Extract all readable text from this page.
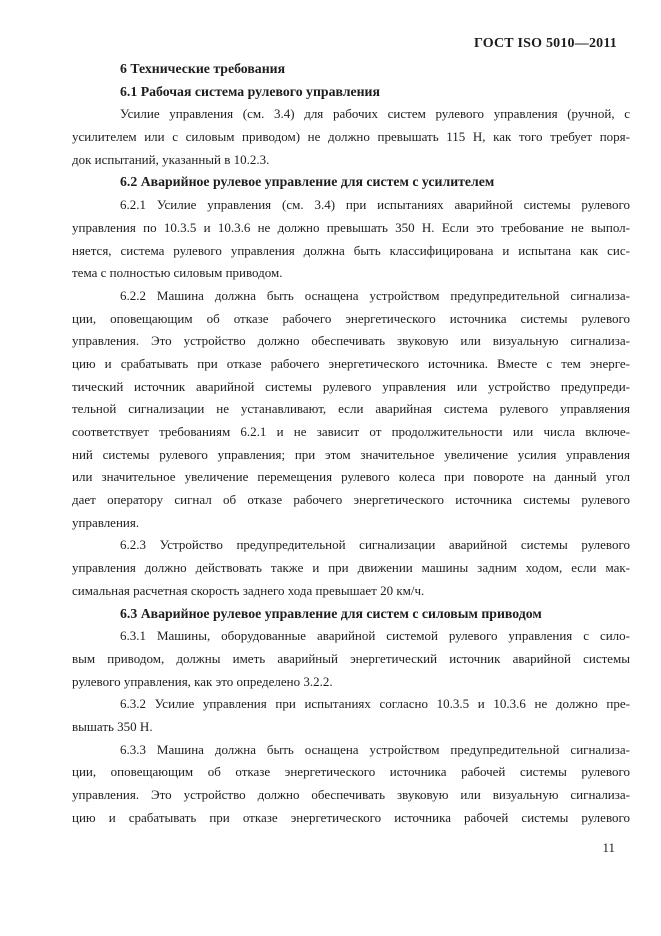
ГОСТ ISO 5010—2011
6 Технические требования
6.1 Рабочая система рулевого управления
Усилие управления (см. 3.4) для рабочих систем рулевого управления (ручной, с
усилителем или с силовым приводом) не должно превышать 115 Н, как того требует поря-
док испытаний, указанный в 10.2.3.
6.2 Аварийное рулевое управление для систем с усилителем
6.2.1 Усилие управления (см. 3.4) при испытаниях аварийной системы рулевого
управления по 10.3.5 и 10.3.6 не должно превышать 350 Н. Если это требование не выпол-
няется, система рулевого управления должна быть классифицирована и испытана как сис-
тема с полностью силовым приводом.
6.2.2 Машина должна быть оснащена устройством предупредительной сигнализа-
ции, оповещающим об отказе рабочего энергетического источника системы рулевого
управления. Это устройство должно обеспечивать звуковую или визуальную сигнализа-
цию и срабатывать при отказе рабочего энергетического источника. Вместе с тем энерге-
тический источник аварийной системы рулевого управления или устройство предупреди-
тельной сигнализации не устанавливают, если аварийная система рулевого управляения
соответствует требованиям 6.2.1 и не зависит от продолжительности или числа включе-
ний системы рулевого управления; при этом значительное увеличение усилия управления
или значительное увеличение перемещения рулевого колеса при повороте на данный угол
дает оператору сигнал об отказе рабочего энергетического источника системы рулевого
управления.
6.2.3 Устройство предупредительной сигнализации аварийной системы рулевого
управления должно действовать также и при движении машины задним ходом, если мак-
симальная расчетная скорость заднего хода превышает 20 км/ч.
6.3 Аварийное рулевое управление для систем с силовым приводом
6.3.1 Машины, оборудованные аварийной системой рулевого управления с сило-
вым приводом, должны иметь аварийный энергетический источник аварийной системы
рулевого управления, как это определено 3.2.2.
6.3.2 Усилие управления при испытаниях согласно 10.3.5 и 10.3.6 не должно пре-
вышать 350 Н.
6.3.3 Машина должна быть оснащена устройством предупредительной сигнализа-
ции, оповещающим об отказе энергетического источника рабочей системы рулевого
управления. Это устройство должно обеспечивать звуковую или визуальную сигнализа-
цию и срабатывать при отказе энергетического источника рабочей системы рулевого
11
